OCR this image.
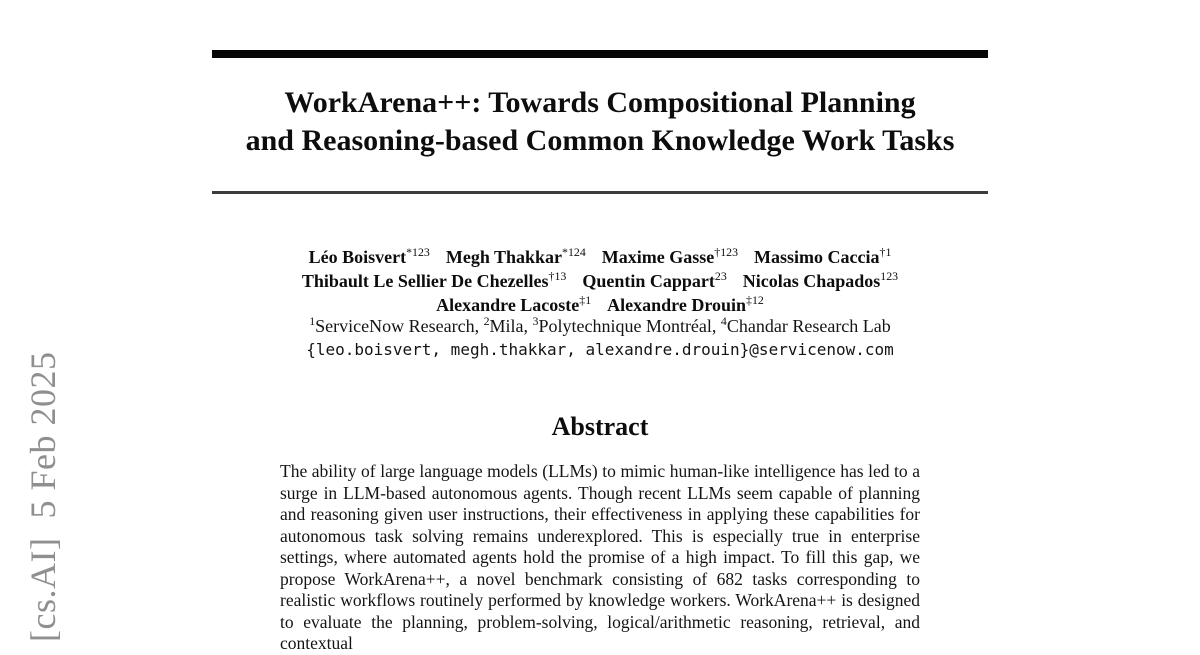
[cs.AI]  5 Feb 2025
WorkArena++: Towards Compositional Planning
and Reasoning-based Common Knowledge Work Tasks
Léo Boisvert$^{*123}$ Megh Thakkar$^{*124}$ Maxime Gasse$^{\dagger 123}$ Massimo Caccia$^{\dagger 1}$
Thibault Le Sellier De Chezelles$^{\dagger 13}$ Quentin Cappart$^{23}$ Nicolas Chapados$^{123}$
Alexandre Lacoste$^{\ddagger 1}$ Alexandre Drouin$^{\ddagger 12}$
$^1$ServiceNow Research, $^2$Mila, $^3$Polytechnique Montréal, $^4$Chandar Research Lab
{leo.boisvert, megh.thakkar, alexandre.drouin}@servicenow.com
Abstract

The ability of large language models (LLMs) to mimic human-like intelligence has led to a surge in LLM-based autonomous agents. Though recent LLMs seem capable of planning and reasoning given user instructions, their effectiveness in applying these capabilities for autonomous task solving remains underexplored. This is especially true in enterprise settings, where automated agents hold the promise of a high impact. To fill this gap, we propose WorkArena++, a novel benchmark consisting of 682 tasks corresponding to realistic workflows routinely performed by knowledge workers. WorkArena++ is designed to evaluate the planning, problem-solving, logical/arithmetic reasoning, retrieval, and contextual
